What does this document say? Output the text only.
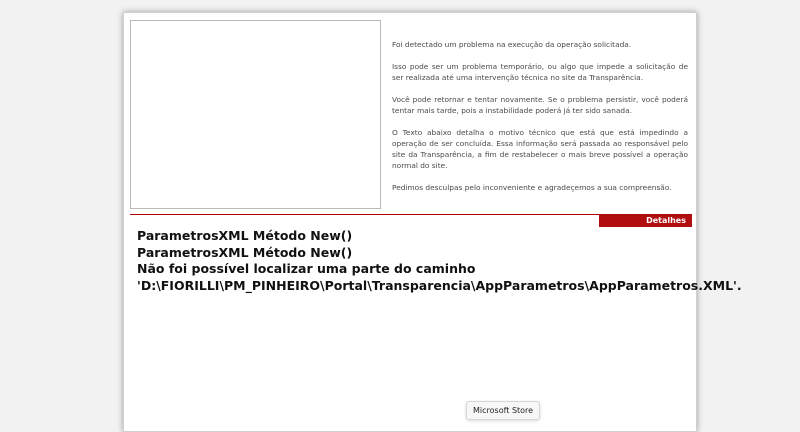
Foi detectado um problema na execução da operação solicitada.

Isso pode ser um problema temporário, ou algo que impede a solicitação de ser realizada até uma intervenção técnica no site da Transparência.

Você pode retornar e tentar novamente. Se o problema persistir, você poderá tentar mais tarde, pois a instabilidade poderá já ter sido sanada.

O Texto abaixo detalha o motivo técnico que está que está impedindo a operação de ser concluída. Essa informação será passada ao responsável pelo site da Transparência, a fim de restabelecer o mais breve possível a operação normal do site.

Pedimos desculpas pelo inconveniente e agradeçemos a sua compreensão.

Detalhes
ParametrosXML Método New()
ParametrosXML Método New()
Não foi possível localizar uma parte do caminho
'D:\FIORILLI\PM_PINHEIRO\Portal\Transparencia\AppParametros\AppParametros.XML'.
Microsoft Store
